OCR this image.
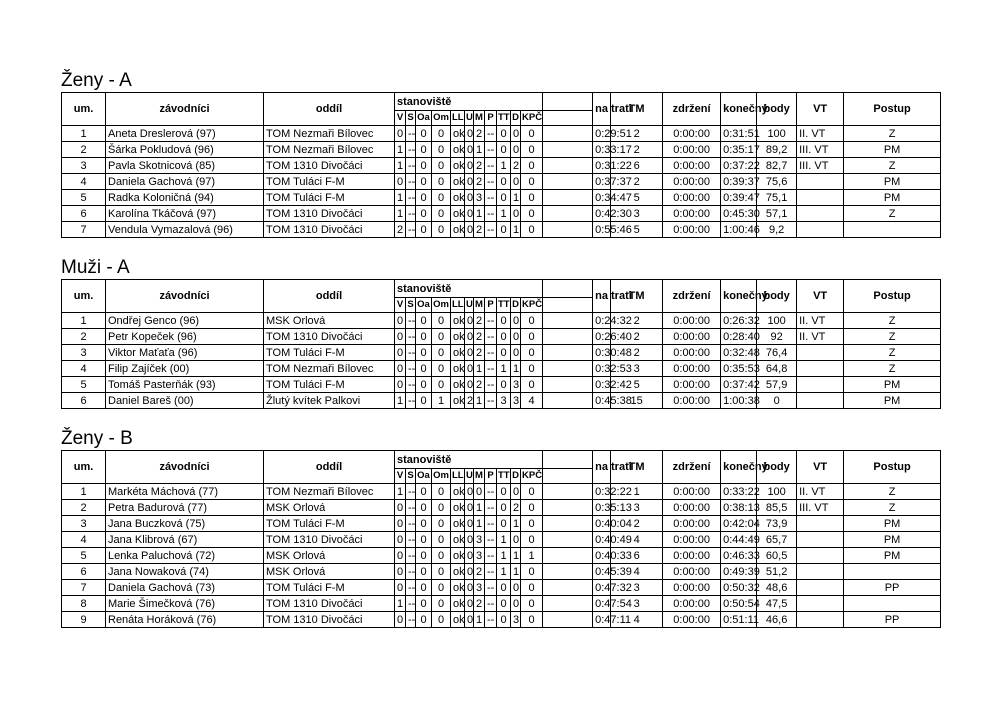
Ženy - A
um.	závodníci	oddíl	stanoviště												na trati	TM	zdržení	konečný	body	VT	Postup
			V	S	Oa	Om	LL	U	M	P	TT	D	KPČ								
1	Aneta Dreslerová (97)	TOM Nezmaři Bílovec	0	--	0	0	ok	0	2	--	0	0	0		0:29:51	2	0:00:00	0:31:51	100	II. VT	Z
2	Šárka Pokludová (96)	TOM Nezmaři Bílovec	1	--	0	0	ok	0	1	--	0	0	0		0:33:17	2	0:00:00	0:35:17	89,2	III. VT	PM
3	Pavla Skotnicová (85)	TOM 1310 Divočáci	1	--	0	0	ok	0	2	--	1	2	0		0:31:22	6	0:00:00	0:37:22	82,7	III. VT	Z
4	Daniela Gachová (97)	TOM Tuláci F-M	0	--	0	0	ok	0	2	--	0	0	0		0:37:37	2	0:00:00	0:39:37	75,6		PM
5	Radka Koloničná (94)	TOM Tuláci F-M	1	--	0	0	ok	0	3	--	0	1	0		0:34:47	5	0:00:00	0:39:47	75,1		PM
6	Karolína Tkáčová (97)	TOM 1310 Divočáci	1	--	0	0	ok	0	1	--	1	0	0		0:42:30	3	0:00:00	0:45:30	57,1		Z
7	Vendula Vymazalová (96)	TOM 1310 Divočáci	2	--	0	0	ok	0	2	--	0	1	0		0:55:46	5	0:00:00	1:00:46	9,2		
Muži - A
um.	závodníci	oddíl	stanoviště												na trati	TM	zdržení	konečný	body	VT	Postup
			V	S	Oa	Om	LL	U	M	P	TT	D	KPČ								
1	Ondřej Genco (96)	MSK Orlová	0	--	0	0	ok	0	2	--	0	0	0		0:24:32	2	0:00:00	0:26:32	100	II. VT	Z
2	Petr Kopeček (96)	TOM 1310 Divočáci	0	--	0	0	ok	0	2	--	0	0	0		0:26:40	2	0:00:00	0:28:40	92	II. VT	Z
3	Viktor Maťaťa (96)	TOM Tuláci F-M	0	--	0	0	ok	0	2	--	0	0	0		0:30:48	2	0:00:00	0:32:48	76,4		Z
4	Filip Zajíček (00)	TOM Nezmaři Bílovec	0	--	0	0	ok	0	1	--	1	1	0		0:32:53	3	0:00:00	0:35:53	64,8		Z
5	Tomáš Pasterňák (93)	TOM Tuláci F-M	0	--	0	0	ok	0	2	--	0	3	0		0:32:42	5	0:00:00	0:37:42	57,9		PM
6	Daniel Bareš (00)	Žlutý kvítek Palkovi	1	--	0	1	ok	2	1	--	3	3	4		0:45:38	15	0:00:00	1:00:38	0		PM
Ženy - B
um.	závodníci	oddíl	stanoviště												na trati	TM	zdržení	konečný	body	VT	Postup
			V	S	Oa	Om	LL	U	M	P	TT	D	KPČ								
1	Markéta Máchová (77)	TOM Nezmaři Bílovec	1	--	0	0	ok	0	0	--	0	0	0		0:32:22	1	0:00:00	0:33:22	100	II. VT	Z
2	Petra Badurová (77)	MSK Orlová	0	--	0	0	ok	0	1	--	0	2	0		0:35:13	3	0:00:00	0:38:13	85,5	III. VT	Z
3	Jana Buczková (75)	TOM Tuláci F-M	0	--	0	0	ok	0	1	--	0	1	0		0:40:04	2	0:00:00	0:42:04	73,9		PM
4	Jana Klibrová (67)	TOM 1310 Divočáci	0	--	0	0	ok	0	3	--	1	0	0		0:40:49	4	0:00:00	0:44:49	65,7		PM
5	Lenka Paluchová (72)	MSK Orlová	0	--	0	0	ok	0	3	--	1	1	1		0:40:33	6	0:00:00	0:46:33	60,5		PM
6	Jana Nowaková (74)	MSK Orlová	0	--	0	0	ok	0	2	--	1	1	0		0:45:39	4	0:00:00	0:49:39	51,2		
7	Daniela Gachová (73)	TOM Tuláci F-M	0	--	0	0	ok	0	3	--	0	0	0		0:47:32	3	0:00:00	0:50:32	48,6		PP
8	Marie Šimečková (76)	TOM 1310 Divočáci	1	--	0	0	ok	0	2	--	0	0	0		0:47:54	3	0:00:00	0:50:54	47,5		
9	Renáta Horáková (76)	TOM 1310 Divočáci	0	--	0	0	ok	0	1	--	0	3	0		0:47:11	4	0:00:00	0:51:11	46,6		PP
